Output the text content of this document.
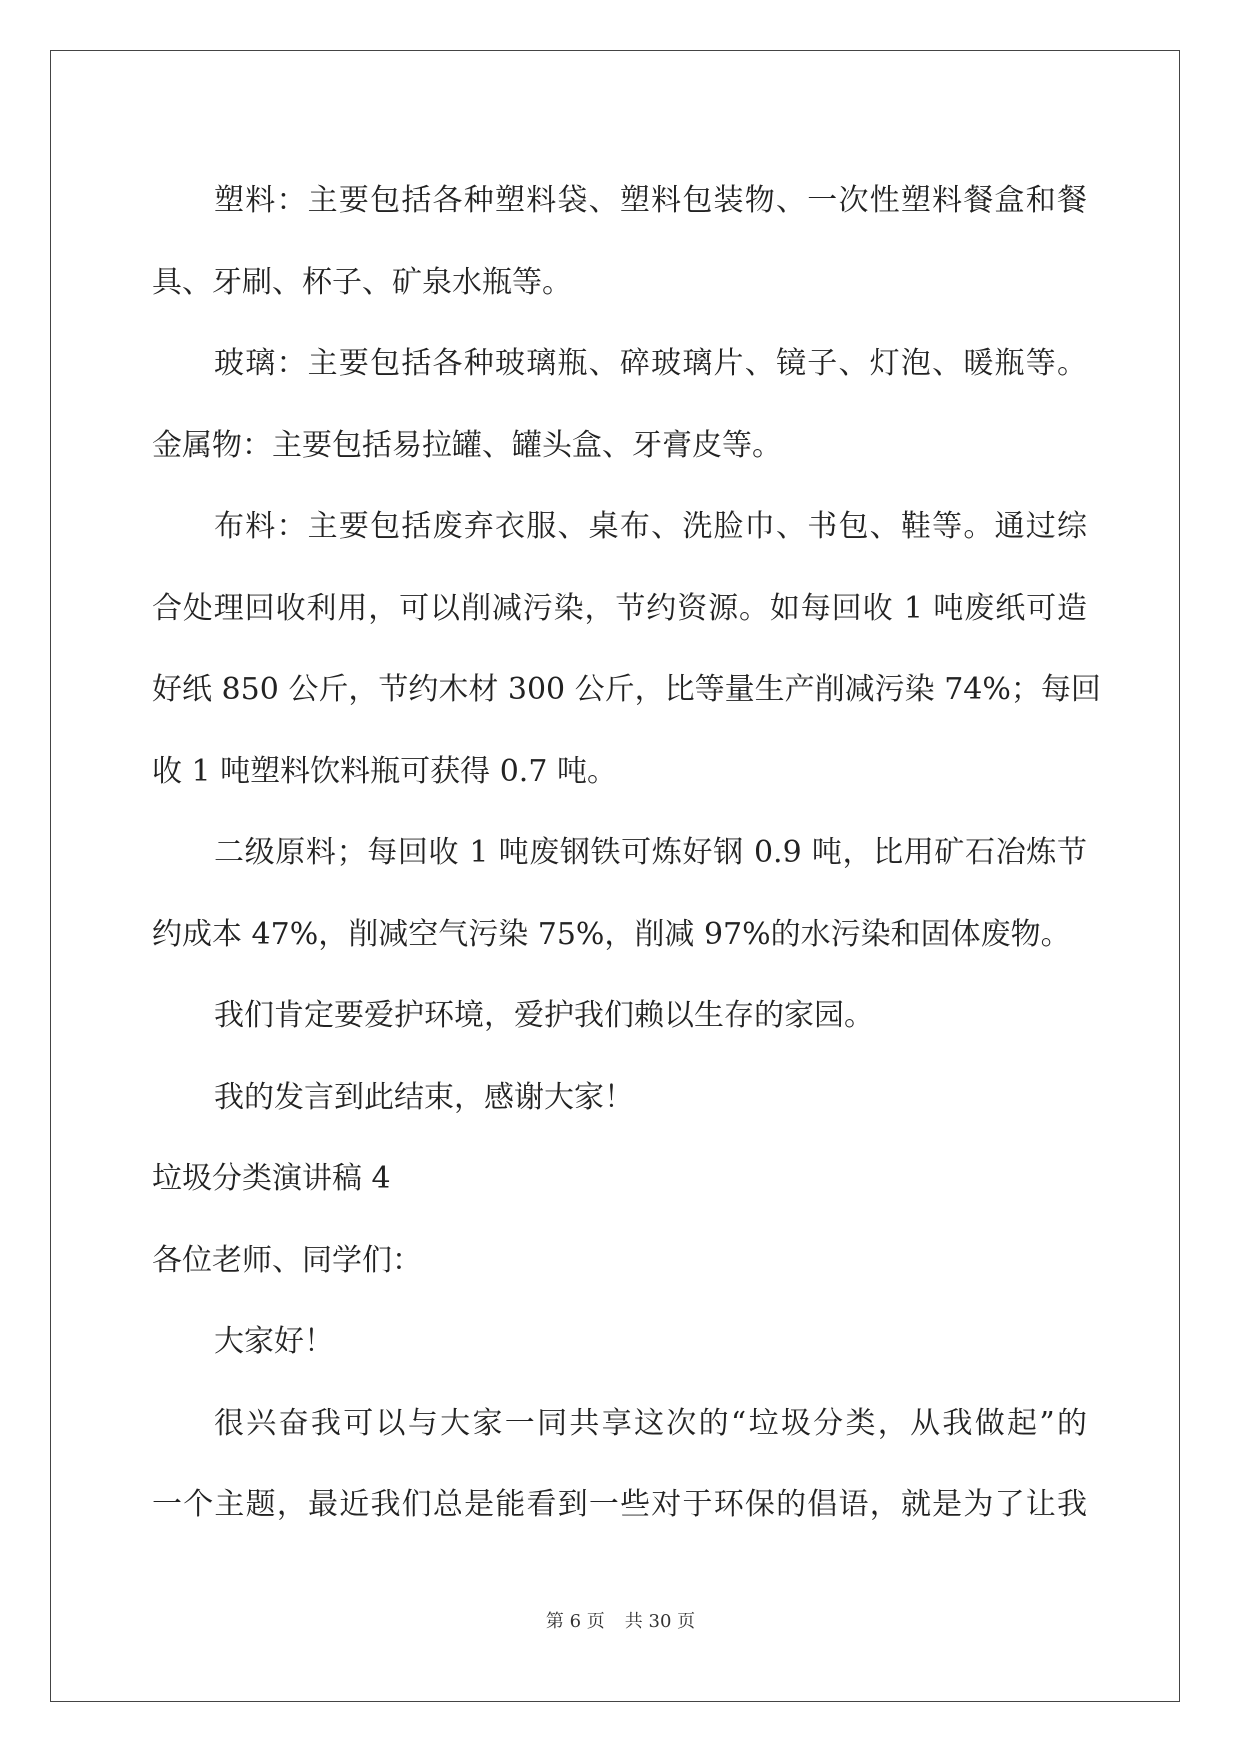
塑料：主要包括各种塑料袋、塑料包装物、一次性塑料餐盒和餐
具、牙刷、杯子、矿泉水瓶等。
玻璃：主要包括各种玻璃瓶、碎玻璃片、镜子、灯泡、暖瓶等。
金属物：主要包括易拉罐、罐头盒、牙膏皮等。
布料：主要包括废弃衣服、桌布、洗脸巾、书包、鞋等。通过综
合处理回收利用，可以削减污染，节约资源。如每回收 1 吨废纸可造
好纸 850 公斤，节约木材 300 公斤，比等量生产削减污染 74%；每回
收 1 吨塑料饮料瓶可获得 0.7 吨。
二级原料；每回收 1 吨废钢铁可炼好钢 0.9 吨，比用矿石冶炼节
约成本 47%，削减空气污染 75%，削减 97%的水污染和固体废物。
我们肯定要爱护环境，爱护我们赖以生存的家园。
我的发言到此结束，感谢大家！
垃圾分类演讲稿 4
各位老师、同学们：
大家好！
很兴奋我可以与大家一同共享这次的“垃圾分类，从我做起”的
一个主题，最近我们总是能看到一些对于环保的倡语，就是为了让我
第 6 页 共 30 页
